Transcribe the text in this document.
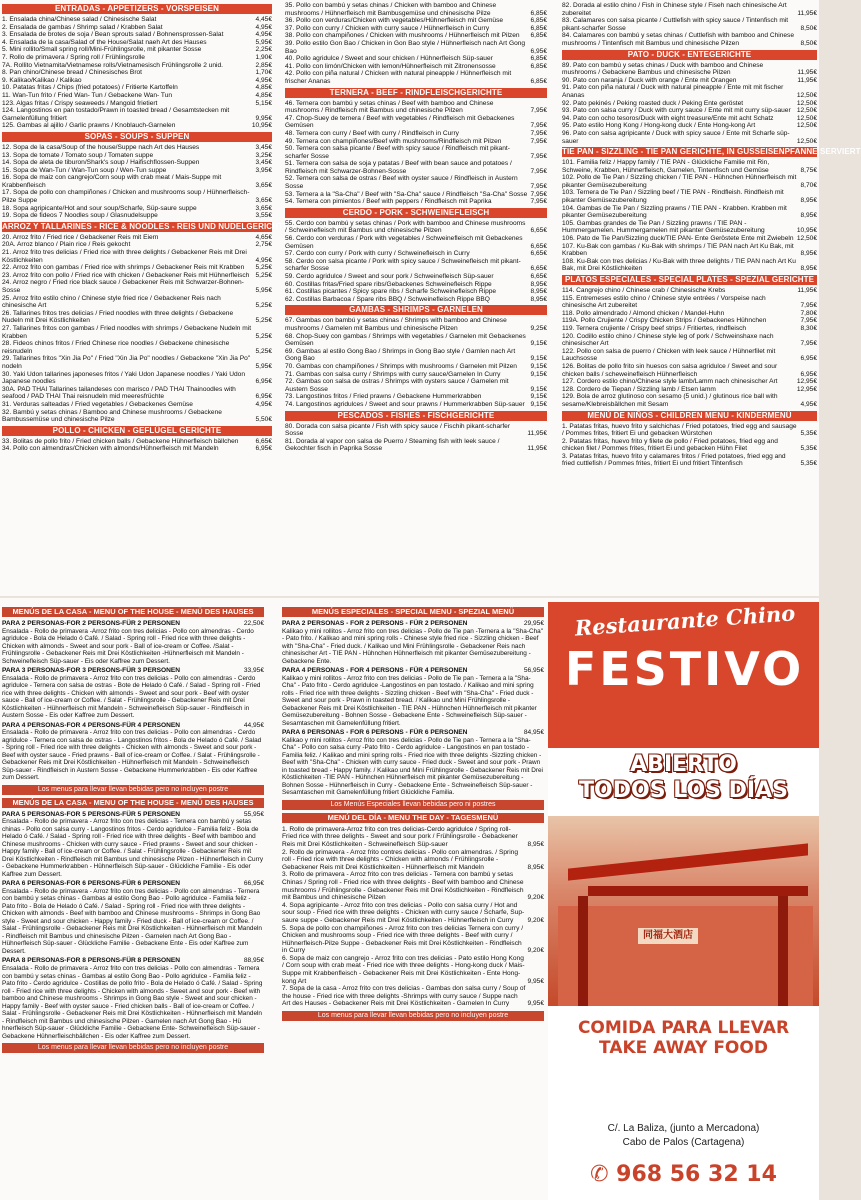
ENTRADAS - APPETIZERS - VORSPEISEN
1. Ensalada china/Chinese salad / Chinesische Salat	4,45€
2. Ensalada de gambas / Shrimp salad / Krabben Salat	4,95€
3. Ensalada de brotes de soja / Bean sprouts salad / Bohnensprossen-Salat	4,95€
4. Ensalada de la casa/Salad of the House/Salat naeh Art des Hauses	5,95€
5. Mini rollito/Small spring roll/Mini-Frühlingsrolle, mit pikanter Sosse	2,25€
7. Rollo de primavera / Spring roll / Frühlingsrolle	1,90€
7A. Rollito Vietnamita/Vietnamese rolls/Vietnamesisch Frühlingsrolle 2 unid.	2,85€
8. Pan chino/Chinese bread / Chinesisches Brot	1,70€
9. Kalikao/Kalikao / Kalikao	4,95€
10. Patatas fritas / Chips (fried potatoes) / Fritierte Kartoffeln	4,85€
11. Wan-Tun frito / Fried Wan- Tun / Gebackene Wan- Tun	4,85€
123. Algas fritas / Crispy seaweeds / Mangoid frietiert	5,15€
124. Langostinos en pan tostado/Prawn in toasted bread / Gesamtstecken mit Garnelenfüllung fritiert	9,95€
125. Gambas al ajillo / Garlic prawns / Knoblauch-Garnelen	10,95€
SOPAS - SOUPS - SUPPEN
12. Sopa de la casa/Soup of the house/Suppe nach Art des Hauses	3,45€
13. Sopa de tomate / Tomato soup / Tomaten suppe	3,25€
14. Sopa de aleta de tiburon/Shark's soup / Haifischflossen-Suppen	3,45€
15. Sopa de Wan-Tun / Wan-Tun soup / Wen-Tun suppe	3,95€
16. Sopa de maiz con cangrejo/Corn soup with crab meat / Mais-Suppe mit Krabbenfleisch	3,65€
17. Sopa de pollo con champiñones / Chicken and mushrooms soup / Hühnerfleisch-Pilze Suppe	3,65€
18. Sopa agripicante/Hot and sour soup/Scharfe, Süp-saure suppe	3,65€
19. Sopa de fideos 7 Noodles soup / Glasnudelsuppe	3,55€
ARROZ Y TALLARINES - RICE & NOODLES - REIS UND NUDELGERICHTE
20. Arroz frito / Fried rice / Gebackener Reis mit Eiern	4,65€
20A. Arroz blanco / Plain rice / Reis gekocht	2,75€
21. Arroz frito tres delicias / Fried rice with three delights / Gebackener Reis mit Drei Köstlichkeiten	4,95€
22. Arroz frito con gambas / Fried rice with shrimps / Gebackener Reis mit Krabben	5,25€
23. Arroz frito con pollo / Fried rice with chicken / Gebackener Reis mit Hühnerfleisch 5,25€
24. Arroz negro / Fried rice black sauce / Gebackener Reis mit Schwarzer-Bohnen-Sosse	5,95€
25. Arroz frito estilo chino / Chinese style fried rice / Gebackener Reis nach chinesische Art	5,25€
26. Tallarines fritos tres delicias / Fried noodles with three delights / Gebackene Nudeln mit Drei Köstlichkeiten	5,25€
27. Tallarines fritos con gambas / Fried noodles with shrimps / Gebackene Nudeln mit Krabben	5,25€
28. Fideos chinos fritos / Fried Chinese rice noodles / Gebackene chinesische reisnudeln	5,25€
29. Tallarines fritos "Xin Jia Po" / Fried "Xin Jia Po" noodles / Gebackene "Xin Jia Po" nodeln	5,95€
30. Yaki Udon tallarines japoneses fritos / Yaki Udon Japanese noodles / Yaki Udon Japanese noodles	6,95€
30A. PAD THAI Tallarines tailandeses con marisco / PAD THAI Thainoodles with seafood / PAD THAI Thai reisnudeln mid meeresfrüchte	6,95€
31. Verduras salteadas / Fried vegetables / Gebackenes Gemüse	4,95€
32. Bambú y setas chinas / Bamboo and Chinese mushrooms / Gebackene Bambussemüse und chinesische Pilze	5,50€
POLLO - CHICKEN - GEFLÜGEL GERICHTE
33. Bolitas de pollo frito / Fried chicken balls / Gebackene Hühnerfleisch bällchen	6,65€
34. Pollo con almendras/Chicken with almonds/Hühnerfleisch mit Mandeln	6,95€
35. Pollo con bambú y setas chinas / Chicken with bamboo and Chinese mushrooms / Hühnerfleisch mit Bambusgemüse und chinesische Pilze	6,85€
36. Pollo con verduras/Chicken with vegetables/Hühnerfleisch mit Gemüse	6,85€
37. Pollo con curry / Chicken with curry sauce / Hühnerfleisch in Curry	6,85€
38. Pollo con champiñones / Chicken with mushrooms / Hühnerfleisch mit Pilzen	6,85€
39. Pollo estilo Gon Bao / Chicken in Gon Bao style / Hühnerfleisch nach Art Gong Bao	6,95€
40. Pollo agridulce / Sweet and sour chicken / Hühnerfleisch Süp-sauer	6,85€
41. Pollo con limón/Chicken with lemon/Hühnerfleisch mit Zitronensosse	6,85€
42. Pollo con piña natural / Chicken with natural pineapple / Hühnerfleisch mit frischer Ananas	6,85€
TERNERA - BEEF - RINDFLEISCHGERICHTE
46. Ternera con bambú y setas chinas / Beef with bamboo and Chinese mushrooms / Rindfleisch mit Bambus und chinesische Pilzen	7,95€
47. Chop-Suey de ternera / Beef with vegetables / Rindfleisch mit Gebackenes Gemüsen	7,95€
48. Ternera con curry / Beef with curry / Rindfleisch in Curry	7,95€
49. Ternera con champiñones/Beef with mushrooms/Rindfleisch mit Pilzen	7,95€
50. Ternera con salsa picante / Beef with spicy sauce / Rindfleisch mit pikant-scharfer Sosse	7,95€
51. Ternera con salsa de soja y patatas / Beef with bean sauce and potatoes / Rindfleisch mit Schwarzer-Bohnen-Sosse	7,95€
52. Ternera con salsa de ostras / Beef with oyster sauce / Rindfleisch in Austern Sosse	7,95€
53. Ternera a la "Sa-Cha" / Beef with "Sa-Cha" sauce / Rindfleisch "Sa-Cha" Sosse 7,95€
54. Ternera con pimientos / Beef with peppers / Rindfleisch mit Paprika	7,95€
CERDO - PORK - SCHWEINEFLEISCH
55. Cerdo con bambú y setas chinas / Pork with bamboo and Chinese mushrooms / Schweinefleisch mit Bambus und chinesische Pilzen	6,65€
56. Cerdo con verduras / Pork with vegetables / Schweinefleisch mit Gebackenes Gemüsen	6,65€
57. Cerdo con curry / Pork with curry / Schweinefleisch in Curry	6,65€
58. Cerdo con salsa picante / Pork with spicy sauce / Schweinefleisch mit pikant-scharfer Sosse	6,65€
59. Cerdo agridulce / Sweet and sour pork / Schweinefleisch Süp-sauer	6,65€
60. Costillas fritas/Fried spare ribs/Gebackenes Schweinefleisch Rippe	8,95€
61. Costillas picantes / Spicy spare ribs / Scharfe Schweinefleisch Rippe	8,95€
62. Costillas Barbacoa / Spare ribs BBQ / Schweinefleisch Rippe BBQ	8,95€
GAMBAS - SHRIMPS - GARNELEN
67. Gambas con bambú y setas chinas / Shrimps with bamboo and Chinese mushrooms / Garnelen mit Bambus und chinesische Pilzen	9,25€
68. Chop-Suey con gambas / Shrimps with vegetables / Garnelen mit Gebackenes Gemüsen	9,15€
69. Gambas al estilo Gong Bao / Shrimps in Gong Bao style / Garnlen nach Art Gong Bao	9,15€
70. Gambas con champiñones / Shrimps with mushrooms / Garnelen mit Pilzen	9,15€
71. Gambas con salsa curry / Shrimps with curry sauce/Garnelen In Curry	9,15€
72. Gambas con salsa de ostras / Shrimps with oysters sauce / Garnelen mit Austern Sosse	9,15€
73. Langostinos fritos / Fried prawns / Gebackene Hummerkrabben	9,15€
74. Langostinos agridulces / Sweet and sour prawns / Hummerkrabben Süp-sauer 9,15€
PESCADOS - FISHES - FISCHGERICHTE
80. Dorada con salsa picante / Fish with spicy sauce / Fischih pikant-scharfer Sosse	11,95€
81. Dorada al vapor con salsa de Puerro / Steaming fish with leek sauce / Gekochter fisch in Paprika Sosse	11,95€
82. Dorada al estilo chino / Fish in Chinese style / Fiseh nach chinesische Art zubereitet	11,95€
83. Calamares con salsa picante / Cuttlefish with spicy sauce / Tintenfisch mit pikant-scharfer Sosse	8,50€
84. Calamares con bambú y setas chinas / Cuttlefish with bamboo and Chinese mushrooms / Tintenfisch mit Bambus und chinesische Pilzen	8,50€
PATO - DUCK - ENTEGERICHTE
89. Pato con bambú y setas chinas / Duck with bamboo and Chinese mushrooms / Gebackene Bambus und chinesische Pilzen	11,95€
90. Pato con naranja / Duck with orange / Ente mit Orangen	11,95€
91. Pato con piña natural / Duck with natural pineapple / Ente mit mit fischer Ananas	12,50€
92. Pato pekinés / Peking roasted duck / Peking Ente geröstet	12,50€
93. Pato con salsa curry / Duck with curry sauce / Ente mit mit curry süp-sauer 12,50€
94. Pato con ocho tesoros/Duck with eight treasure/Ente mit acht Schatz	12,50€
95. Pato estilo Hong Kong / Hong-kong duck / Ente Hong-kong Art	12,50€
96. Pato con salsa agripicante / Duck with spicy sauce / Ente mit Scharfe süp-sauer	12,50€
TIE PAN - SIZZLING - TIE PAN GERICHTE, IN GUSSEISENPFANNE SERVIERT
101. Familia feliz / Happy family / TIE PAN - Glückliche Familie mit Rin, Schweine, Krabben, Hühnerfleisch, Garnelen, Tintenfisch und Gemüse	8,75€
102. Pollo de Tie Pan / Sizzling chicken / TIE PAN - Hühnchen Hühnerfleisch mit pikanter Gemüsezubereitung	8,70€
103. Ternera de Tie Pan / Sizzling beef / TIE PAN - Rindfleish. Rindfleish mit pikanter Gemüsezubereitung	8,95€
104. Gambas de Tie Pan / Sizzling prawns / TIE PAN - Krabben. Krabben mit pikanter Gemüsezubereitung	8,95€
105. Gambas grandes de Tie Pan / Sizzling prawns / TIE PAN - Hummergarnelen. Hummergarnelen mit pikanter Gemüsezubereitung	10,95€
106. Pato de Tie Pan/Sizzling duck/TIE PAN- Ente Geröstete Ente mit Zwiebeln 12,50€
107. Ku-Bak con gambas / Ku-Bak with shrimps / TIE PAN nach Art Ku Bak, mit Krabben	8,95€
108. Ku-Bak con tres delicias / Ku-Bak with three delights / TIE PAN nach Art Ku Bak, mit Drei Köstlichkeiten	8,95€
PLATOS ESPECIALES - SPECIAL PLATES - SPEZIAL GERICHTE
114. Cangrejo chino / Chinese crab / Chinesische Krebs	11,95€
115. Entremeses estilo chino / Chinese style entrées / Vorspeise nach chinesische Art zubereitet	7,95€
118. Pollo almendrado / Almond chicken / Mandel-Huhn	7,80€
119A. Pollo Crujiente / Crispy Chicken Strips / Gebackenes Hühnchen	7,95€
119. Ternera crujiente / Crispy beef strips / Fritiertes, rindfleisch	8,30€
120. Codillo estilo chino / Chinese style leg of pork / Schweinshaxe nach chinesischer Art	7,95€
122. Pollo con salsa de puerro / Chicken with leek sauce / Hühnerfilet mit Lauchsosse	6,95€
126. Bolitas de pollo frito sin huesos con salsa agridulce / Sweet and sour chicken balls / scheweinefleisch Hühnerfleisch	6,95€
127. Cordero estilo chino/Chinese style lamb/Lamm nach chinesischer Art	12,95€
128. Cordero de Tiepan / Sizzling lamb / Etsen lamm	12,95€
129. Bola de arroz glutinoso con sesamo (5 unid.) / glutinous rice ball with sesame/Klebreisbällchen mit Sesam	4,95€
MENÚ DE NIÑOS - CHILDREN MENU - KINDERMENÜ
1. Patatas fritas, huevo frito y salchichas / Fried potatoes, fried egg and sausage / Pommes frites, fritiert Ei und gebacken Würstchen	5,35€
2. Patatas fritas, huevo frito y filete de pollo / Fried potatoes, fried egg and chicken filet / Pommes frites, fritiert Ei und gebacken Hühn Filet	5,35€
3. Patatas fritas, huevo frito y calamares fritos / Fried potatoes, fried egg and fried cuttlefish / Pommes frites, fritiert Ei und fritiert Tihtenfisch	5,35€
MENÚS DE LA CASA - MENU OF THE HOUSE - MENÜ DES HAUSES
PARA 2 PERSONAS-FOR 2 PERSONS-FÜR 2 PERSONEN	22,50€
Ensalada - Rollo de primavera -Arroz frito con tres delicias - Pollo con almendras - Cerdo agridulce - Bola de Helado ó Café. / Salad - Spring roll - Fried rice with three delights - Chicken with almonds - Sweet and sour pork - Ball of ice-cream or Coffee. /Salat - Frühlingsrolle - Gebackener Reis mit Drei Köstlichkeiten -Hühnerfleisch mit Mandeln - Schweinefleisch Süp-sauer - Eis oder Kaffree zum Dessert.
PARA 3 PERSONAS-FOR 3 PERSONS-FÜR 3 PERSONEN	33,95€
Ensalada - Rollo de primavera - Arroz frito con tres delicias - Pollo con almendras - Cerdo agridulce - Ternera con salsa de ostras - Bote de Helado ó Café. / Salad - Spring roll - Fried rice with three delights - Chicken with almonds - Sweet and sour pork - Beef with oyster sauce - Ball of ice-cream or Coffee. / Salat - Frühlingsrolle - Gebackener Reis mit Drei Köstlichkeiten - Hühnerfleisch mit Mandeln - Schweinefleisch Süp-sauer - Rindfleisch in Austern Sosse - Eis oder Kaffree zum Dessert.
PARA 4 PERSONAS-FOR 4 PERSONS-FÜR 4 PERSONEN	44,95€
Ensalada - Rollo de primavera - Arroz frito con tres delicias - Pollo con almendras - Cerdo agridulce - Ternera con salsa de ostras - Langostinos fritos - Bola de Helado ó Café. / Salad - Spring roll - Fried rice with three delights - Chicken with almonds - Sweet and sour pork - Beef with oyster sauce - Fried prawns - Ball of ice-cream or Coffee. / Salat - Frühlingsrolle - Gebackener Reis mit Drei Köstlichkeiten - Hühnerfleisch mit Mandeln - Schweinefleisch Süp-sauer - Rindfleisch in Austern Sosse - Gebackene Hummerkrabben - Eis oder Kaffree zum Dessert.
Los menus para llevar llevan bebidas pero no incluyen postre
MENÚS DE LA CASA - MENU OF THE HOUSE - MENÜ DES HAUSES
PARA 5 PERSONAS-FOR 5 PERSONS-FÜR 5 PERSONEN	55,95€
Ensalada - Rollo de primavera - Arroz frito con tres delicias - Ternera con bambú y setas chinas - Pollo con salsa curry - Langostinos fritos - Cerdo agridulce - Familia feliz - Bola de Helado ó Café. / Salad - Spring roll - Fried rice with three delights - Beef with bamboo and Chinese mushrooms - Chicken with curry sauce - Fried prawns - Sweet and sour chicken - Happy family - Ball of ice-cream or Coffee. / Salat - Frühlingsrolle - Gebackener Reis mit Drei Köstlichkeiten - Rindfleisch mit Bambus und chinesische Pilzen - Hühnerfleisch in Curry - Gebackene Hummerkrabben - Hühnerfleisch Süp-sauer - Glückliche Familie - Eis oder Kaffree zum Dessert.
PARA 6 PERSONAS-FOR 6 PERSONS-FÜR 6 PERSONEN	66,95€
Ensalada - Rollo de primavera - Arroz frito con tres delicias - Pollo con almendras - Ternera con bambú y setas chinas - Gambas al estilo Gong Bao - Pollo agridulce - Familia feliz - Pato frito - Bola de Helado ó Café. / Salad - Spring roll - Fried rice with three delights - Chicken with almonds - Beef with bamboo and Chinese mushrooms - Shrimps in Gong Bao style - Sweet and sour chicken - Happy family - Fried duck - Ball of ice-cream or Coffee. / Salat - Frühlingsrolle - Gebackener Reis mit Drei Köstlichkeiten - Hühnerfleisch mit Mandeln - Rindfleisch mit Bambus und chinesische Pilzen - Garnelen nach Art Gong Bao - Hühnerfleisch Süp-sauer - Glückliche Familie - Gebackene Ente - Eis oder Kaffree zum Dessert.
PARA 8 PERSONAS-FOR 8 PERSONS-FÜR 8 PERSONEN	88,95€
Ensalada - Rollo de primavera - Arroz frito con tres delicias - Pollo con almendras - Ternera con bambú y setas chinas - Gambas al estilo Gong Bao - Pollo agridulce - Familia feliz - Pato frito - Cerdo agridulce - Costillas de pollo frito - Bola de Helado ó Café. / Salad - Spring roll - Fried rice with three delights - Chicken with almonds - Sweet and sour pork - Beef with bamboo and Chinese mushrooms - Shrimps in Gong Bao style - Sweet and sour chicken - Happy family - Beef with oyster sauce - Fried chicken balls - Ball of ice-cream or Coffee. / Salat - Frühlingsrolle - Gebackener Reis mit Drei Köstlichkeiten - Hühnerfleisch mit Mandeln - Rindfleisch mit Bambus und chinesische Pilzen - Garnelen nach Art Gong Bao - Hü hnerfleisch Süp-sauer - Glückliche Familie - Gebackene Ente- Schweinefleisch Süp-sauer - Gebackene Hühnerfleischbällchen - Eis oder Kaffree zum Dessert.
Los menus para llevar llevan bebidas pero no incluyen postre
MENÚS ESPECIALES - SPECIAL MENU - SPEZIAL MENÜ
PARA 2 PERSONAS - FOR 2 PERSONS - FÜR 2 PERSONEN	29,95€
Kalikao y mini rollitos - Arroz frito con tres delicias - Pollo de Tie pan -Ternera a la "Sha-Cha" - Pato frito. / Kalikao and mini spring rolls - Chinese style fried rice - Sizzling chicken - Beef with "Sha-Cha" - Fried duck. / Kalikao und Mini Frühlingsrolle - Gebackener Reis nach chinesischer Art - TIE PAN - Hühnchen Hühnerfleisch mit pikanter Gemüsezubereitung - Gebackene Ente.
PARA 4 PERSONAS - FOR 4 PERSONS - FÜR 4 PERSONEN	56,95€
Kalikao y mini rollitos - Arroz frito con tres delicias - Pollo de Tie pan - Ternera a la "Sha-Cha" - Pato frito - Cerdo agridulce -Langostinos en pan tostado. / Kalikao and mini spring rolls - Fried rice with three delights - Sizzling chicken - Beef with "Sha-Cha" - Fried duck - Sweet and sour pork - Prawn in toasted bread. / Kalikao und Mini Frühlingsrolle - Gebackener Reis mit Drei Köstlichkeiten - TIE PAN - Hühnchen Hühnerfleisch mit pikanter Gemüsezubereitung - Bohnen Sosse - Gebackene Ente - Schweinefleisch Süp-sauer - Sesamtaschen mit Gamelenfüllung fritiert.
PARA 6 PERSONAS - FOR 6 PERSONS - FÜR 6 PERSONEN	84,95€
Kalikao y mini rollitos - Arroz frito con tres delicias - Pollo de Tie pan - Ternera a la "Sha-Cha" - Pollo con salsa curry -Pato frito - Cerdo agridulce - Langostinos en pan tostado - Familia feliz. / Kalikao and mini spring rolls - Fried rice with three delights -Sizzling chicken - Beef with "Sha-Cha" - Chicken with curry sauce - Fried duck - Sweet and sour pork - Prawn in toasted bread - Happy family. / Kalikao und Mini Frühlingsrolle - Gebackener Reis mit Drei Köstlichkeiten -TIE PAN - Hühnchen Hühnerfleisch mit pikanter Gemüsezubereitung - Bohnen Sosse - Hühnerfleisch in Curry - Gebackene Ente - Schweinefleisch Süp-sauer -Sesamtaschen mit Gamelenfüllung fritiert Glückliche Familia.
Los Menús Especiales llevan bebidas pero ni postres
MENÚ DEL DÍA - MENU THE DAY - TAGESMENÜ
1. Rollo de primavera-Arroz frito con tres delicias-Cerdo agridulce / Spring roll-Fried rice with three delights - Sweet and sour pork / Frühlingsrolle - Gebackener Reis mit Drei Köstlichkeiten - Schweinefleisch Süp-sauer	8,95€
2. Rollo de primavera - Arroz frito contres delicias - Pollo con almendras. / Spring roll - Fried rice with three delights - Chicken with almonds / Frühlingsrolle - Gebackener Reis mit Drei Köstlichkeiten - Hühnerfleisch mit Mandeln	8,95€
3. Rollo de primavera - Arroz frito con tres delicias - Ternera con bambú y setas Chinas / Spring roll - Fried rice with three delights - Beef with bamboo and Chinese mushrooms / Frühlingsrolle - Gebackener Reis mit Drei Köstlichkeiten - Rindfleisch mit Bambus und chinesische Pilzen	9,20€
4. Sopa agripicante - Arroz frito con tres delicias - Pollo con salsa curry / Hot and sour soup - Fried rice with three delights - Chicken with curry sauce / Scharfe, Sup-saure suppe - Gebackener Reis mit Drei Köstlichkeiten - Hühnerfleisch in Curry	9,20€
5. Sopa de pollo con champiñones - Arroz frito con tres delicias Ternera con curry / Chicken and mushrooms soup - Fried rice with three delights - Beef with curry / Hühnerfleisch-Pilze Suppe - Gebackener Reis mit Drei Köstlichkeiten - Rindfleisch in Curry	9,20€
6. Sopa de maiz con cangrejo - Arroz frito con tres delicias - Pato estilo Hong Kong / Corn soup with crab meat - Fried rice with three delights - Hong-kong duck / Mais-Suppe mit Krabbenfleisch - Gebackener Reis mit Drei Köstlichkeiten - Ente Hong-kong Art	9,95€
7. Sopa de la casa - Arroz frito con tres delicias - Gambas don salsa curry / Soup of the house - Fried rice with three delights -Shrimps with curry sauce / Suppe nach Art des Hauses - Gebackener Reis mit Drei Köstlichkeiten - Garnelen In Curry	9,95€
Los menus para llevar llevan bebidas pero no incluyen postre
Restaurante Chino
FESTIVO
ABIERTO
TODOS LOS DÍAS
同福大酒店
COMIDA PARA LLEVAR
TAKE AWAY FOOD
C/. La Baliza, (junto a Mercadona)
Cabo de Palos (Cartagena)
✆ 968 56 32 14
